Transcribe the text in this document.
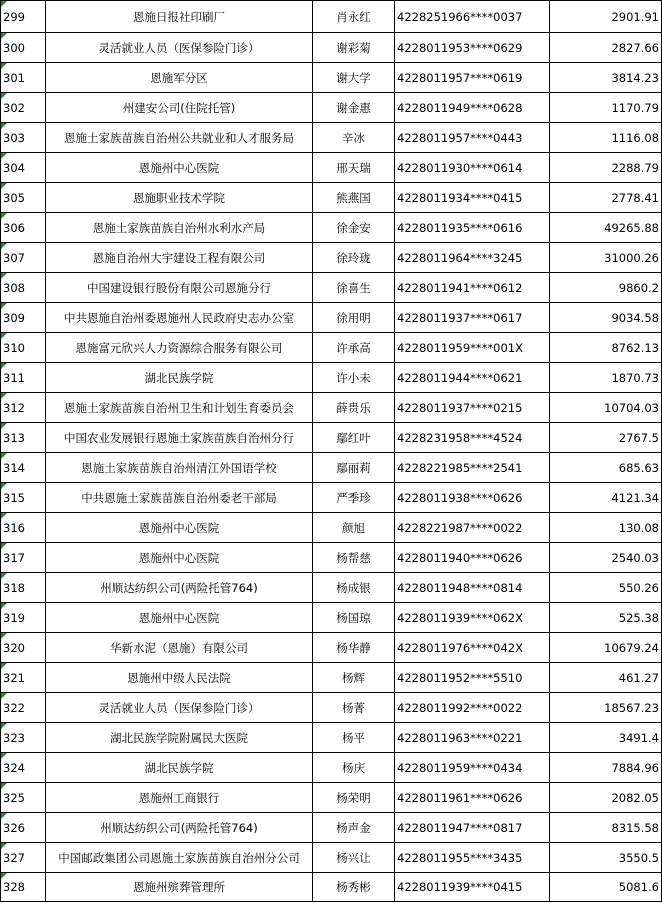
299	恩施日报社印刷厂	肖永红	4228251966****0037	2901.91

300	灵活就业人员（医保参险门诊）	谢彩菊	4228011953****0629	2827.66

301	恩施军分区	谢大学	4228011957****0619	3814.23

302	州建安公司(住院托管)	谢金惠	4228011949****0628	1170.79

303	恩施土家族苗族自治州公共就业和人才服务局	辛冰	4228011957****0443	1116.08

304	恩施州中心医院	邢天瑞	4228011930****0614	2288.79

305	恩施职业技术学院	熊燕国	4228011934****0415	2778.41

306	恩施土家族苗族自治州水利水产局	徐金安	4228011935****0616	49265.88

307	恩施自治州大宇建设工程有限公司	徐玲珑	4228011964****3245	31000.26

308	中国建设银行股份有限公司恩施分行	徐喜生	4228011941****0612	9860.2

309	中共恩施自治州委恩施州人民政府史志办公室	徐用明	4228011937****0617	9034.58

310	恩施富元欣兴人力资源综合服务有限公司	许承高	4228011959****001X	8762.13

311	湖北民族学院	许小未	4228011944****0621	1870.73

312	恩施土家族苗族自治州卫生和计划生育委员会	薛贵乐	4228011937****0215	10704.03

313	中国农业发展银行恩施土家族苗族自治州分行	鄢红叶	4228231958****4524	2767.5

314	恩施土家族苗族自治州清江外国语学校	鄢丽莉	4228221985****2541	685.63

315	中共恩施土家族苗族自治州委老干部局	严季珍	4228011938****0626	4121.34

316	恩施州中心医院	颜旭	4228221987****0022	130.08

317	恩施州中心医院	杨帮慈	4228011940****0626	2540.03

318	州顺达纺织公司(两险托管764)	杨成银	4228011948****0814	550.26

319	恩施州中心医院	杨国琼	4228011939****062X	525.38

320	华新水泥（恩施）有限公司	杨华静	4228011976****042X	10679.24

321	恩施州中级人民法院	杨辉	4228011952****5510	461.27

322	灵活就业人员（医保参险门诊）	杨菁	4228011992****0022	18567.23

323	湖北民族学院附属民大医院	杨平	4228011963****0221	3491.4

324	湖北民族学院	杨庆	4228011959****0434	7884.96

325	恩施州工商银行	杨荣明	4228011961****0626	2082.05

326	州顺达纺织公司(两险托管764)	杨声金	4228011947****0817	8315.58

327	中国邮政集团公司恩施土家族苗族自治州分公司	杨兴让	4228011955****3435	3550.5

328	恩施州殡葬管理所	杨秀彬	4228011939****0415	5081.6
